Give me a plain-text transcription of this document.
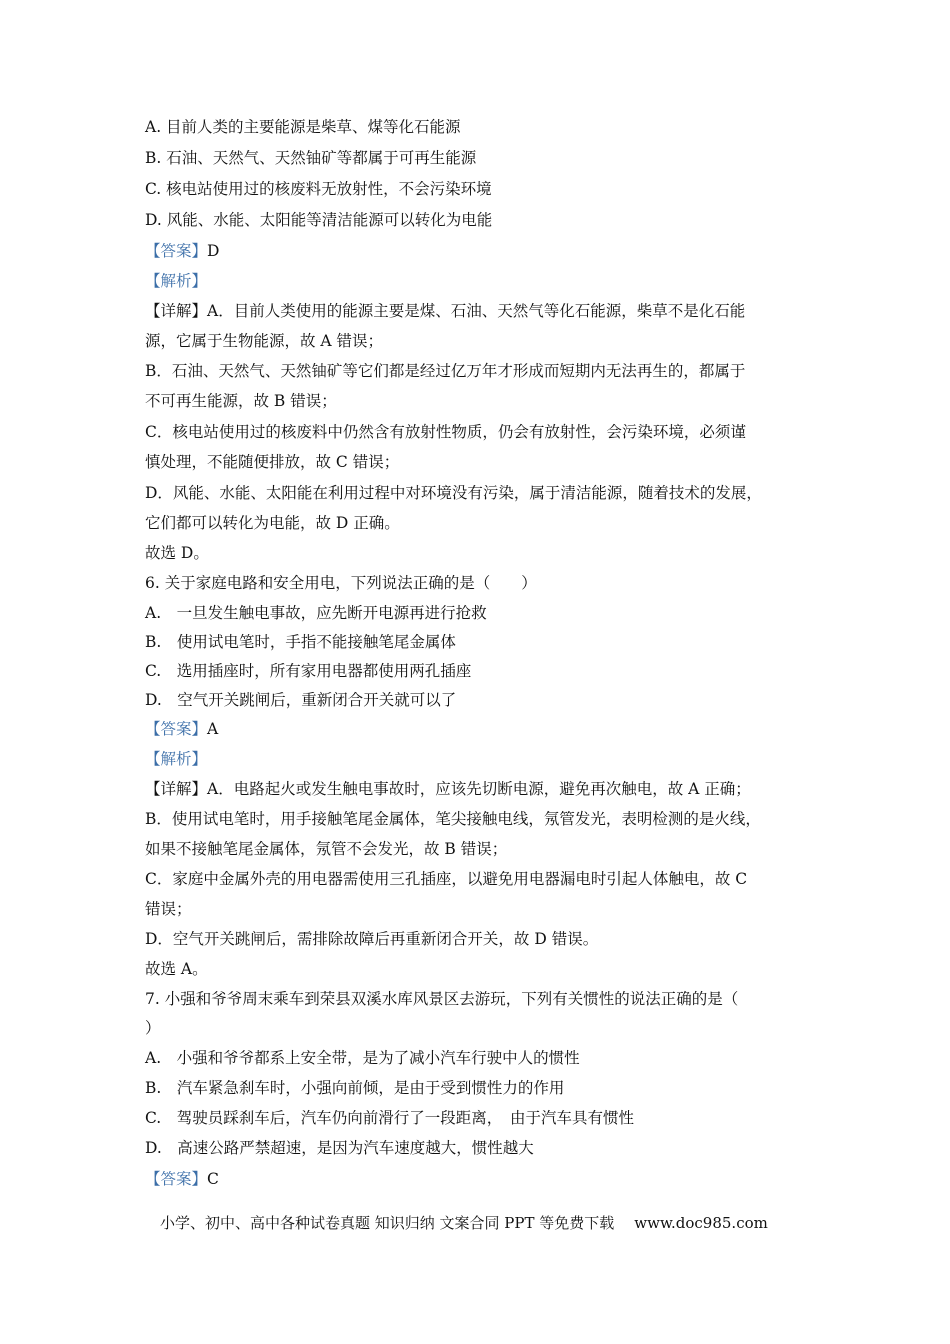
A. 目前人类的主要能源是柴草、煤等化石能源
B. 石油、天然气、天然铀矿等都属于可再生能源
C. 核电站使用过的核废料无放射性，不会污染环境
D. 风能、水能、太阳能等清洁能源可以转化为电能
【答案】D
【解析】
【详解】A．目前人类使用的能源主要是煤、石油、天然气等化石能源，柴草不是化石能
源，它属于生物能源，故 A 错误；
B．石油、天然气、天然铀矿等它们都是经过亿万年才形成而短期内无法再生的，都属于
不可再生能源，故 B 错误；
C．核电站使用过的核废料中仍然含有放射性物质，仍会有放射性，会污染环境，必须谨
慎处理，不能随便排放，故 C 错误；
D．风能、水能、太阳能在利用过程中对环境没有污染，属于清洁能源，随着技术的发展，
它们都可以转化为电能，故 D 正确。
故选 D。
6. 关于家庭电路和安全用电，下列说法正确的是（　　）
A.　一旦发生触电事故，应先断开电源再进行抢救
B.　使用试电笔时，手指不能接触笔尾金属体
C.　选用插座时，所有家用电器都使用两孔插座
D.　空气开关跳闸后，重新闭合开关就可以了
【答案】A
【解析】
【详解】A．电路起火或发生触电事故时，应该先切断电源，避免再次触电，故 A 正确；
B．使用试电笔时，用手接触笔尾金属体，笔尖接触电线，氖管发光，表明检测的是火线，
如果不接触笔尾金属体，氖管不会发光，故 B 错误；
C．家庭中金属外壳的用电器需使用三孔插座，以避免用电器漏电时引起人体触电，故 C
错误；
D．空气开关跳闸后，需排除故障后再重新闭合开关，故 D 错误。
故选 A。
7. 小强和爷爷周末乘车到荣县双溪水库风景区去游玩，下列有关惯性的说法正确的是（
）
A.　小强和爷爷都系上安全带，是为了减小汽车行驶中人的惯性
B.　汽车紧急刹车时，小强向前倾，是由于受到惯性力的作用
C.　驾驶员踩刹车后，汽车仍向前滑行了一段距离，　由于汽车具有惯性
D.　高速公路严禁超速，是因为汽车速度越大，惯性越大
【答案】C
小学、初中、高中各种试卷真题 知识归纳 文案合同 PPT 等免费下载 www.doc985.com
